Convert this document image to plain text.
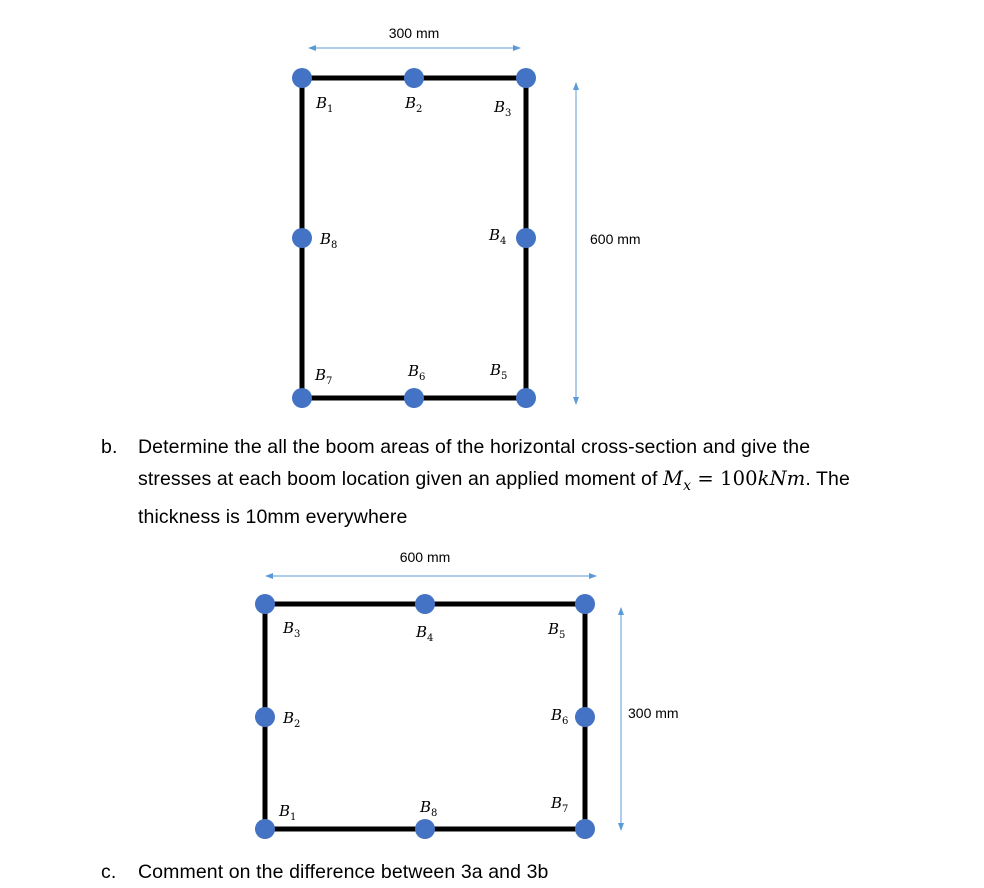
300 mm
600 mm
$B_1$	$B_2$	$B_3$
$B_4$
$B_5$
$B_6$
$B_7$
$B_8$
600 mm
300 mm
$B_1$
$B_2$
$B_3$	$B_4$
$B_5$
$B_6$
$B_7$
$B_8$
b. Determine the all the boom areas of the horizontal cross-section and give the
stresses at each boom location given an applied moment of $M_x = 100kNm$. The
thickness is 10mm everywhere
c. Comment on the difference between 3a and 3b
